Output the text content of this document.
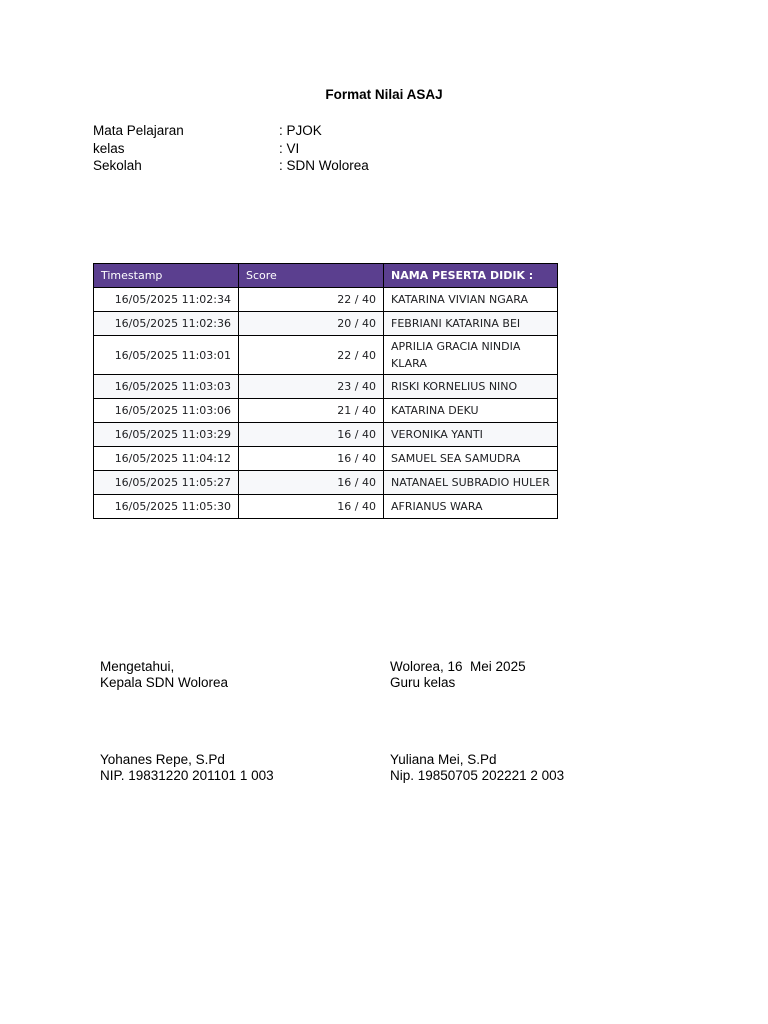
Format Nilai ASAJ
Mata Pelajaran	: PJOK
kelas	: VI
Sekolah	: SDN Wolorea
Timestamp	Score	NAMA PESERTA DIDIK :
16/05/2025 11:02:34	22 / 40	KATARINA VIVIAN NGARA
16/05/2025 11:02:36	20 / 40	FEBRIANI KATARINA BEI
16/05/2025 11:03:01	22 / 40	APRILIA GRACIA NINDIA KLARA
16/05/2025 11:03:03	23 / 40	RISKI KORNELIUS NINO
16/05/2025 11:03:06	21 / 40	KATARINA DEKU
16/05/2025 11:03:29	16 / 40	VERONIKA YANTI
16/05/2025 11:04:12	16 / 40	SAMUEL SEA SAMUDRA
16/05/2025 11:05:27	16 / 40	NATANAEL SUBRADIO HULER
16/05/2025 11:05:30	16 / 40	AFRIANUS WARA
Mengetahui,
Kepala SDN Wolorea
Wolorea, 16  Mei 2025
Guru kelas
Yohanes Repe, S.Pd
NIP. 19831220 201101 1 003
Yuliana Mei, S.Pd
Nip. 19850705 202221 2 003
